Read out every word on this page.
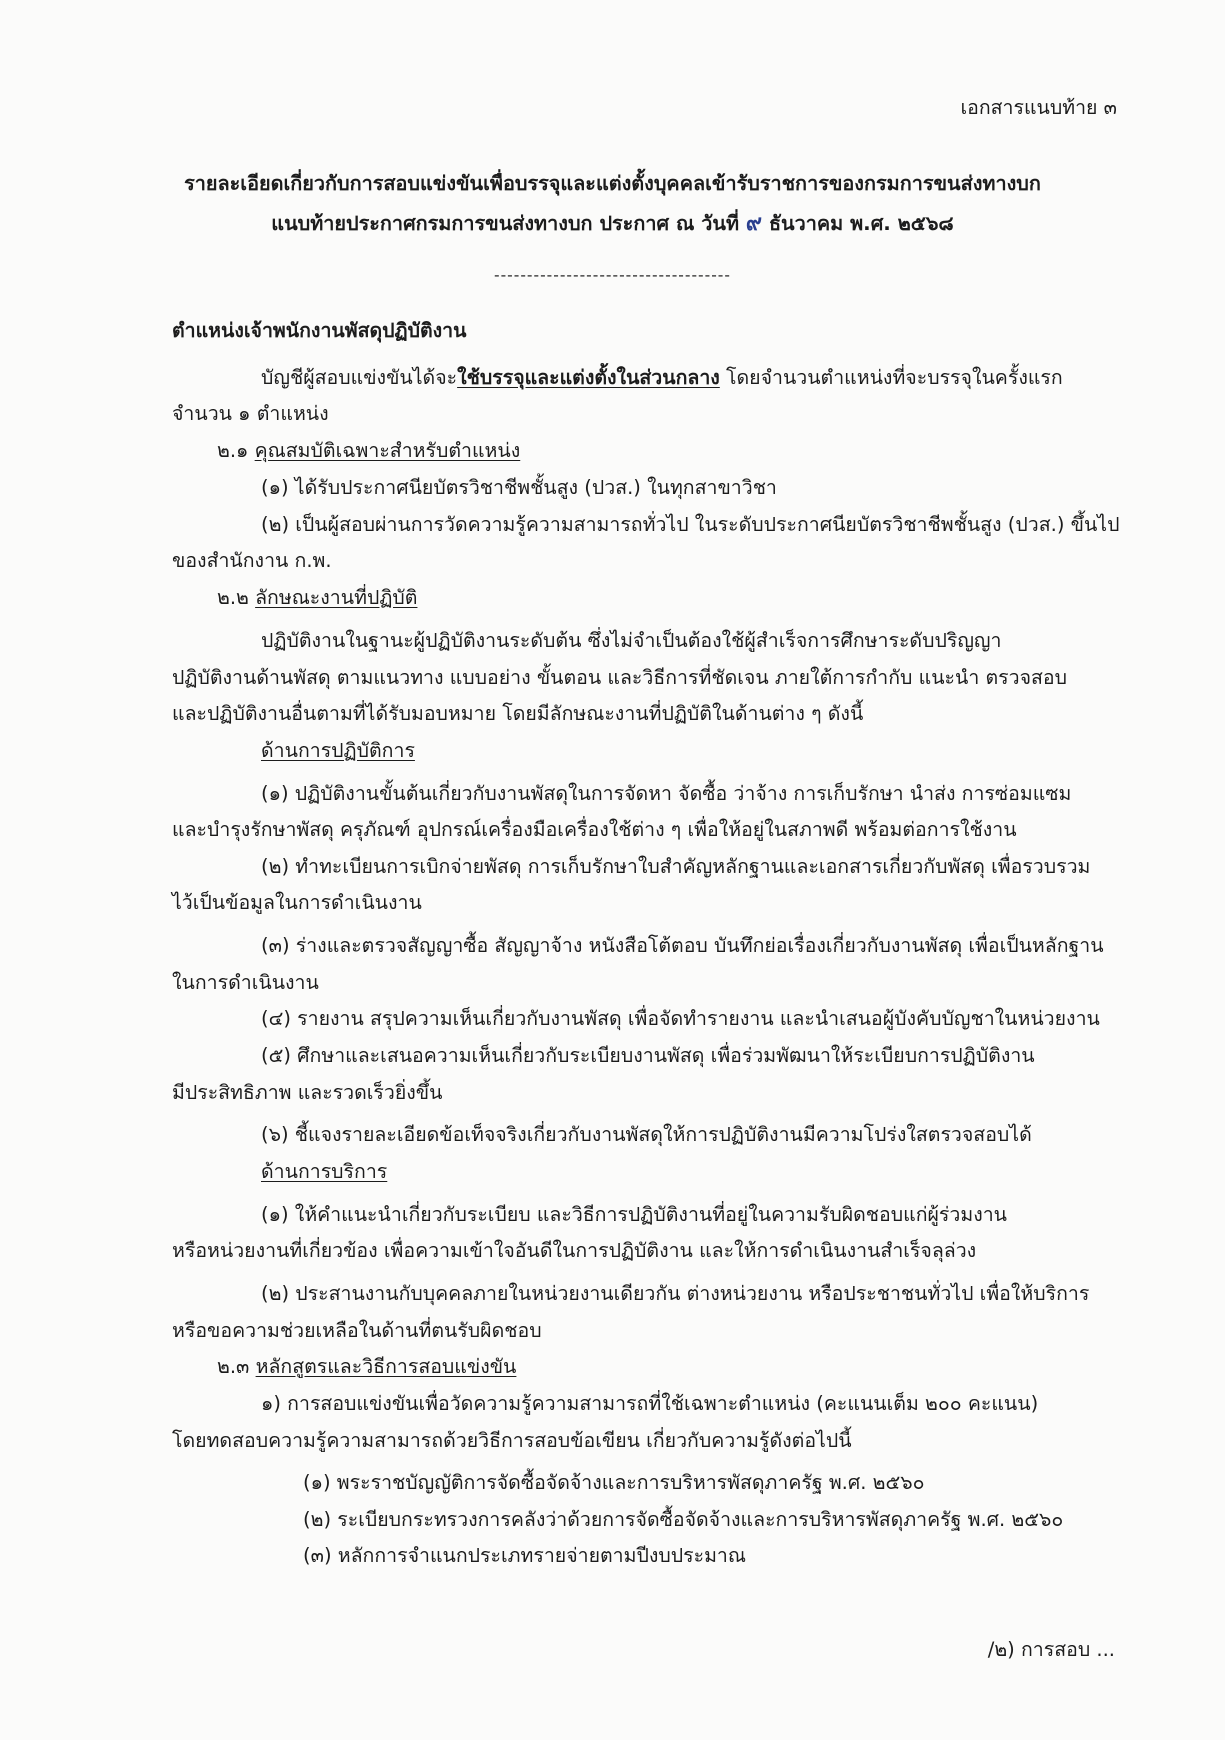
เอกสารแนบท้าย ๓
รายละเอียดเกี่ยวกับการสอบแข่งขันเพื่อบรรจุและแต่งตั้งบุคคลเข้ารับราชการของกรมการขนส่งทางบก
แนบท้ายประกาศกรมการขนส่งทางบก ประกาศ ณ วันที่ ๙ ธันวาคม พ.ศ. ๒๕๖๘
------------------------------------
ตำแหน่งเจ้าพนักงานพัสดุปฏิบัติงาน
บัญชีผู้สอบแข่งขันได้จะใช้บรรจุและแต่งตั้งในส่วนกลาง โดยจำนวนตำแหน่งที่จะบรรจุในครั้งแรก
จำนวน ๑ ตำแหน่ง
๒.๑ คุณสมบัติเฉพาะสำหรับตำแหน่ง
(๑) ได้รับประกาศนียบัตรวิชาชีพชั้นสูง (ปวส.) ในทุกสาขาวิชา
(๒) เป็นผู้สอบผ่านการวัดความรู้ความสามารถทั่วไป ในระดับประกาศนียบัตรวิชาชีพชั้นสูง (ปวส.) ขึ้นไป
ของสำนักงาน ก.พ.
๒.๒ ลักษณะงานที่ปฏิบัติ
ปฏิบัติงานในฐานะผู้ปฏิบัติงานระดับต้น ซึ่งไม่จำเป็นต้องใช้ผู้สำเร็จการศึกษาระดับปริญญา
ปฏิบัติงานด้านพัสดุ ตามแนวทาง แบบอย่าง ขั้นตอน และวิธีการที่ชัดเจน ภายใต้การกำกับ แนะนำ ตรวจสอบ
และปฏิบัติงานอื่นตามที่ได้รับมอบหมาย โดยมีลักษณะงานที่ปฏิบัติในด้านต่าง ๆ ดังนี้
ด้านการปฏิบัติการ
(๑) ปฏิบัติงานขั้นต้นเกี่ยวกับงานพัสดุในการจัดหา จัดซื้อ ว่าจ้าง การเก็บรักษา นำส่ง การซ่อมแซม
และบำรุงรักษาพัสดุ ครุภัณฑ์ อุปกรณ์เครื่องมือเครื่องใช้ต่าง ๆ เพื่อให้อยู่ในสภาพดี พร้อมต่อการใช้งาน
(๒) ทำทะเบียนการเบิกจ่ายพัสดุ การเก็บรักษาใบสำคัญหลักฐานและเอกสารเกี่ยวกับพัสดุ เพื่อรวบรวม
ไว้เป็นข้อมูลในการดำเนินงาน
(๓) ร่างและตรวจสัญญาซื้อ สัญญาจ้าง หนังสือโต้ตอบ บันทึกย่อเรื่องเกี่ยวกับงานพัสดุ เพื่อเป็นหลักฐาน
ในการดำเนินงาน
(๔) รายงาน สรุปความเห็นเกี่ยวกับงานพัสดุ เพื่อจัดทำรายงาน และนำเสนอผู้บังคับบัญชาในหน่วยงาน
(๕) ศึกษาและเสนอความเห็นเกี่ยวกับระเบียบงานพัสดุ เพื่อร่วมพัฒนาให้ระเบียบการปฏิบัติงาน
มีประสิทธิภาพ และรวดเร็วยิ่งขึ้น
(๖) ชี้แจงรายละเอียดข้อเท็จจริงเกี่ยวกับงานพัสดุให้การปฏิบัติงานมีความโปร่งใสตรวจสอบได้
ด้านการบริการ
(๑) ให้คำแนะนำเกี่ยวกับระเบียบ และวิธีการปฏิบัติงานที่อยู่ในความรับผิดชอบแก่ผู้ร่วมงาน
หรือหน่วยงานที่เกี่ยวข้อง เพื่อความเข้าใจอันดีในการปฏิบัติงาน และให้การดำเนินงานสำเร็จลุล่วง
(๒) ประสานงานกับบุคคลภายในหน่วยงานเดียวกัน ต่างหน่วยงาน หรือประชาชนทั่วไป เพื่อให้บริการ
หรือขอความช่วยเหลือในด้านที่ตนรับผิดชอบ
๒.๓ หลักสูตรและวิธีการสอบแข่งขัน
๑) การสอบแข่งขันเพื่อวัดความรู้ความสามารถที่ใช้เฉพาะตำแหน่ง (คะแนนเต็ม ๒๐๐ คะแนน)
โดยทดสอบความรู้ความสามารถด้วยวิธีการสอบข้อเขียน เกี่ยวกับความรู้ดังต่อไปนี้
(๑) พระราชบัญญัติการจัดซื้อจัดจ้างและการบริหารพัสดุภาครัฐ พ.ศ. ๒๕๖๐
(๒) ระเบียบกระทรวงการคลังว่าด้วยการจัดซื้อจัดจ้างและการบริหารพัสดุภาครัฐ พ.ศ. ๒๕๖๐
(๓) หลักการจำแนกประเภทรายจ่ายตามปีงบประมาณ
/๒) การสอบ ...
